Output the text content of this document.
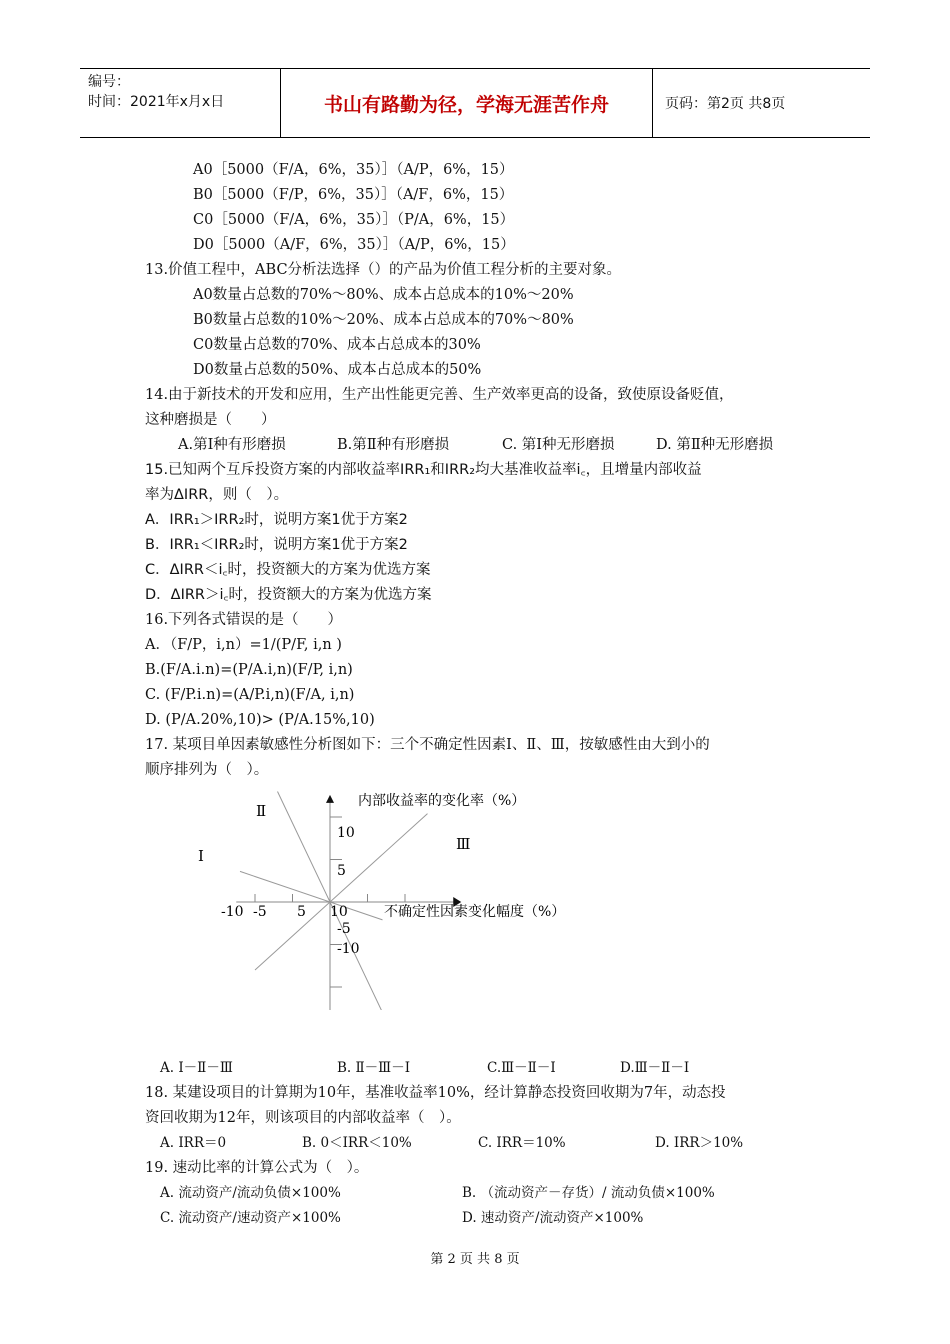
编号：
时间：2021年x月x日	书山有路勤为径，学海无涯苦作舟	页码：第2页 共8页
A0［5000（F/A，6%，35）］（A/P，6%，15）
B0［5000（F/P，6%，35）］（A/F，6%，15）
C0［5000（F/A，6%，35）］（P/A，6%，15）
D0［5000（A/F，6%，35）］（A/P，6%，15）
13.价值工程中，ABC分析法选择（）的产品为价值工程分析的主要对象。
A0数量占总数的70%～80%、成本占总成本的10%～20%
B0数量占总数的10%～20%、成本占总成本的70%～80%
C0数量占总数的70%、成本占总成本的30%
D0数量占总数的50%、成本占总成本的50%
14.由于新技术的开发和应用，生产出性能更完善、生产效率更高的设备，致使原设备贬值，
这种磨损是（　　）
A.第Ⅰ种有形磨损	B.第Ⅱ种有形磨损	C. 第Ⅰ种无形磨损	D. 第Ⅱ种无形磨损
15.已知两个互斥投资方案的内部收益率IRR₁和IRR₂均大基准收益率i꜀，且增量内部收益
率为ΔIRR，则（　）。
A．IRR₁＞IRR₂时，说明方案1优于方案2
B．IRR₁＜IRR₂时，说明方案1优于方案2
C．ΔIRR＜i꜀时，投资额大的方案为优选方案
D．ΔIRR＞i꜀时，投资额大的方案为优选方案
16.下列各式错误的是（　　）
A．（F/P，i,n）=1/(P/F, i,n )
B.(F/A.i.n)=(P/A.i,n)(F/P, i,n)
C. (F/P.i.n)=(A/P.i,n)(F/A, i,n)
D. (P/A.20%,10)> (P/A.15%,10)
17. 某项目单因素敏感性分析图如下：三个不确定性因素Ⅰ、Ⅱ、Ⅲ，按敏感性由大到小的
顺序排列为（　）。
-10 -5 5 10
10
5
-5
-10
Ⅰ
Ⅱ
Ⅲ
内部收益率的变化率（%）
不确定性因素变化幅度（%）
A. Ⅰ－Ⅱ－Ⅲ	B. Ⅱ－Ⅲ－Ⅰ	C.Ⅲ－Ⅱ－Ⅰ	D.Ⅲ－Ⅱ－Ⅰ
18. 某建设项目的计算期为10年，基准收益率10%，经计算静态投资回收期为7年，动态投
资回收期为12年，则该项目的内部收益率（　）。
A. IRR＝0	B. 0＜IRR＜10%	C. IRR＝10%	D. IRR＞10%
19. 速动比率的计算公式为（　）。
A. 流动资产/流动负债×100%	B. （流动资产－存货）/ 流动负债×100%
C. 流动资产/速动资产×100%	D. 速动资产/流动资产×100%
第 2 页 共 8 页
